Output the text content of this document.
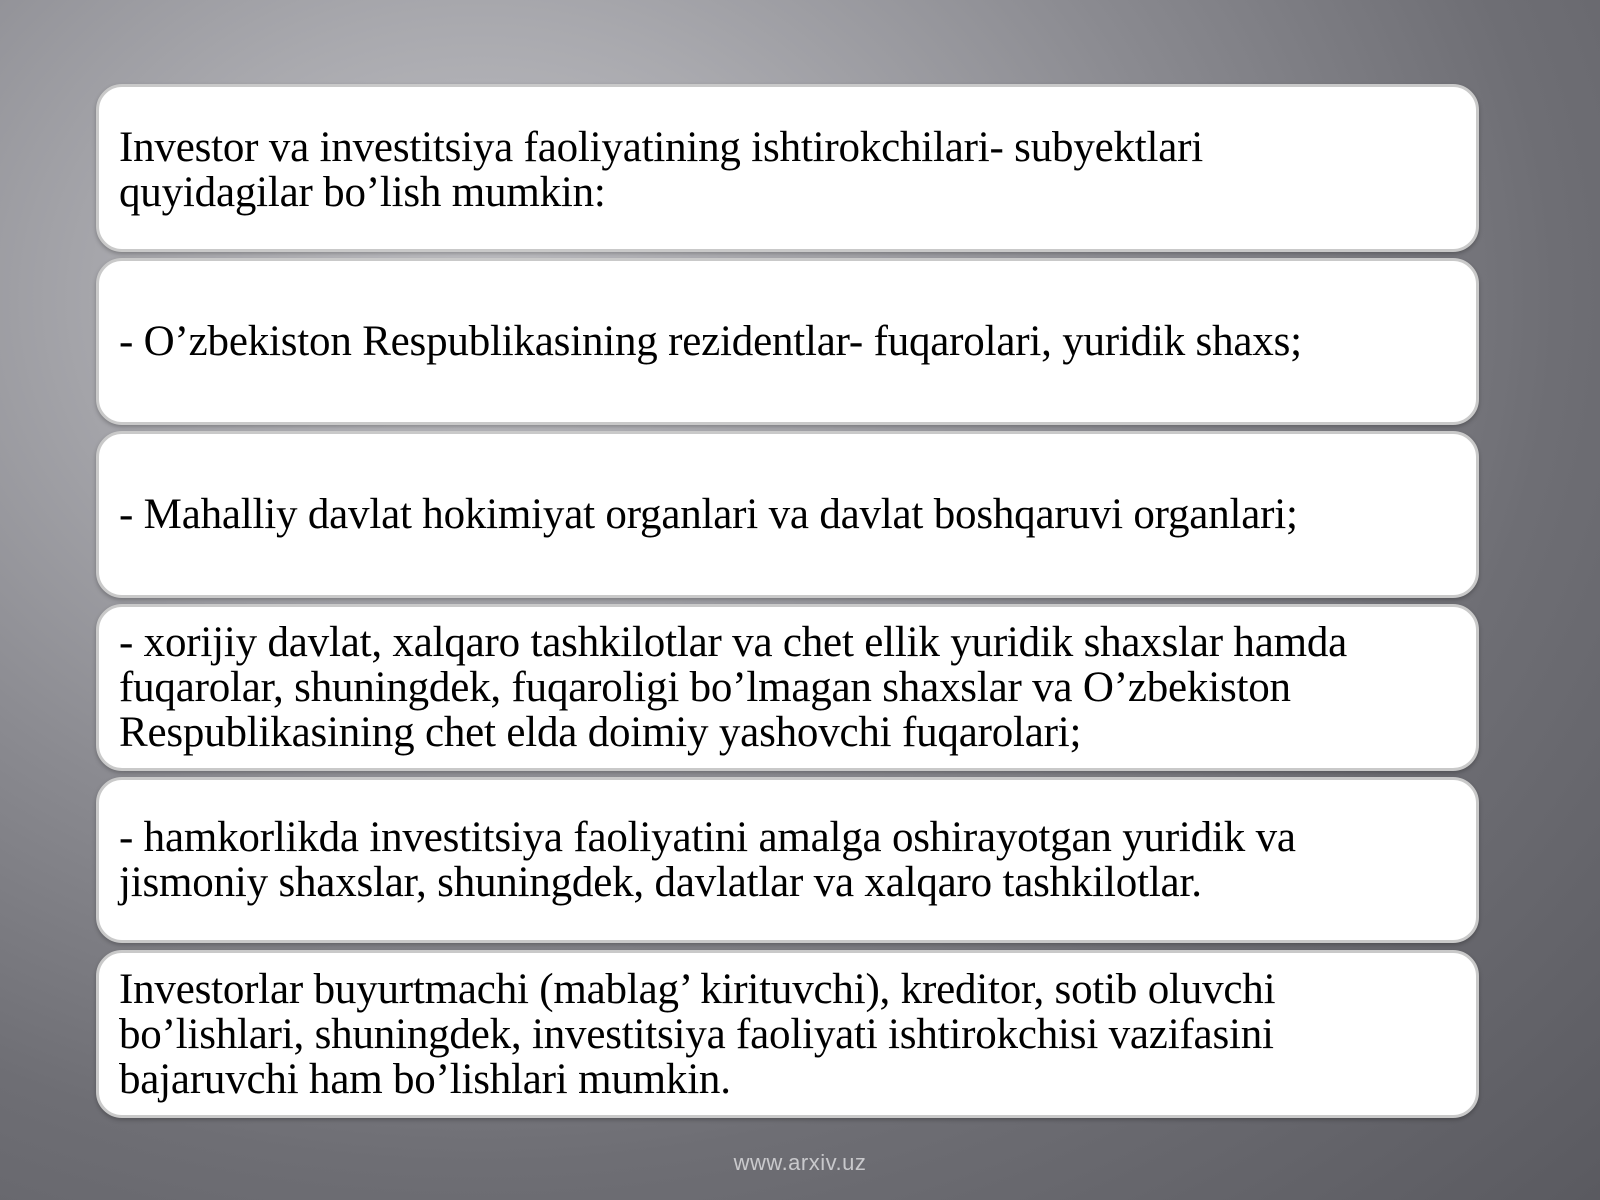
Investor va investitsiya faoliyatining ishtirokchilari- subyektlari
quyidagilar bo’lish mumkin:
- O’zbekiston Respublikasining rezidentlar- fuqarolari, yuridik shaxs;
- Mahalliy davlat hokimiyat organlari va davlat boshqaruvi organlari;
- xorijiy davlat, xalqaro tashkilotlar va chet ellik yuridik shaxslar hamda
fuqarolar, shuningdek, fuqaroligi bo’lmagan shaxslar va O’zbekiston
Respublikasining chet elda doimiy yashovchi fuqarolari;
- hamkorlikda investitsiya faoliyatini amalga oshirayotgan yuridik va
jismoniy shaxslar, shuningdek, davlatlar va xalqaro tashkilotlar.
Investorlar buyurtmachi (mablag’ kirituvchi), kreditor, sotib oluvchi
bo’lishlari, shuningdek, investitsiya faoliyati ishtirokchisi vazifasini
bajaruvchi ham bo’lishlari mumkin.
www.arxiv.uz
